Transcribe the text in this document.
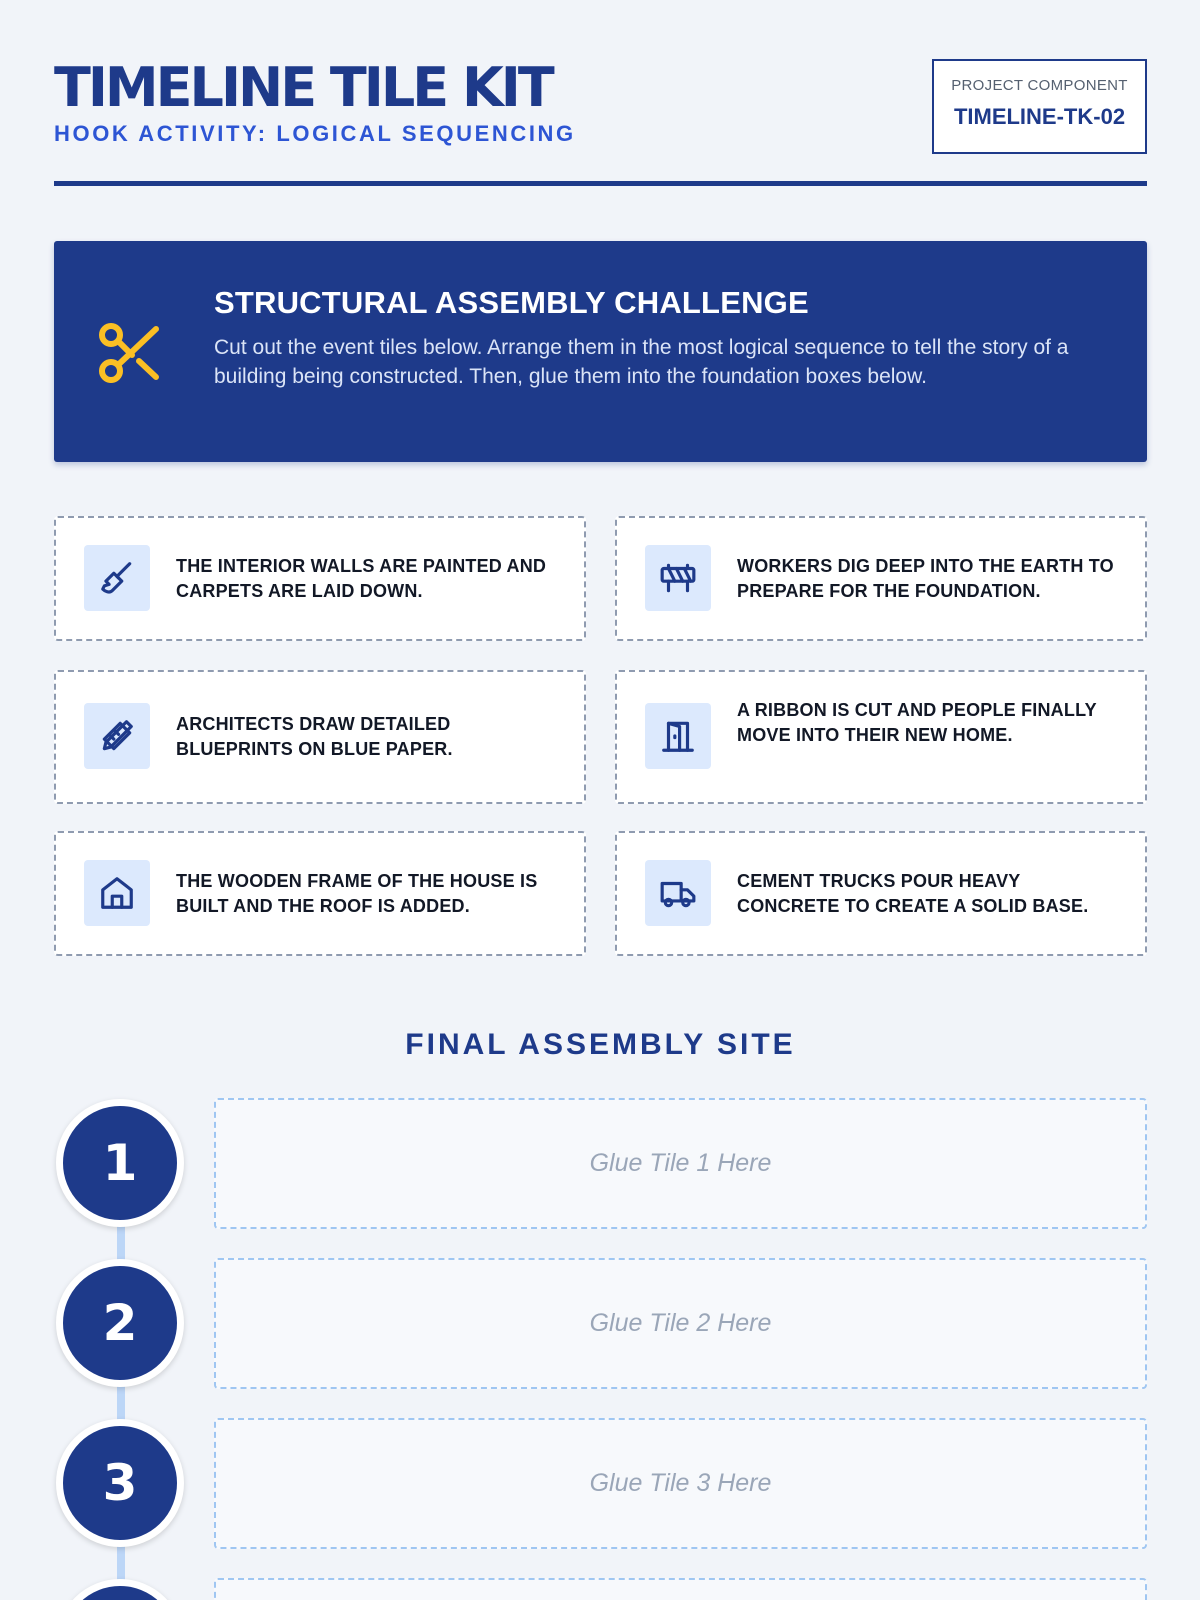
TIMELINE TILE KIT
HOOK ACTIVITY: LOGICAL SEQUENCING
PROJECT COMPONENT
TIMELINE-TK-02
STRUCTURAL ASSEMBLY CHALLENGE
Cut out the event tiles below. Arrange them in the most logical sequence to tell the story of a building being constructed. Then, glue them into the foundation boxes below.
THE INTERIOR WALLS ARE PAINTED AND CARPETS ARE LAID DOWN.
WORKERS DIG DEEP INTO THE EARTH TO PREPARE FOR THE FOUNDATION.
ARCHITECTS DRAW DETAILED BLUEPRINTS ON BLUE PAPER.
A RIBBON IS CUT AND PEOPLE FINALLY MOVE INTO THEIR NEW HOME.
THE WOODEN FRAME OF THE HOUSE IS BUILT AND THE ROOF IS ADDED.
CEMENT TRUCKS POUR HEAVY CONCRETE TO CREATE A SOLID BASE.
FINAL ASSEMBLY SITE
1	Glue Tile 1 Here
2	Glue Tile 2 Here
3	Glue Tile 3 Here
